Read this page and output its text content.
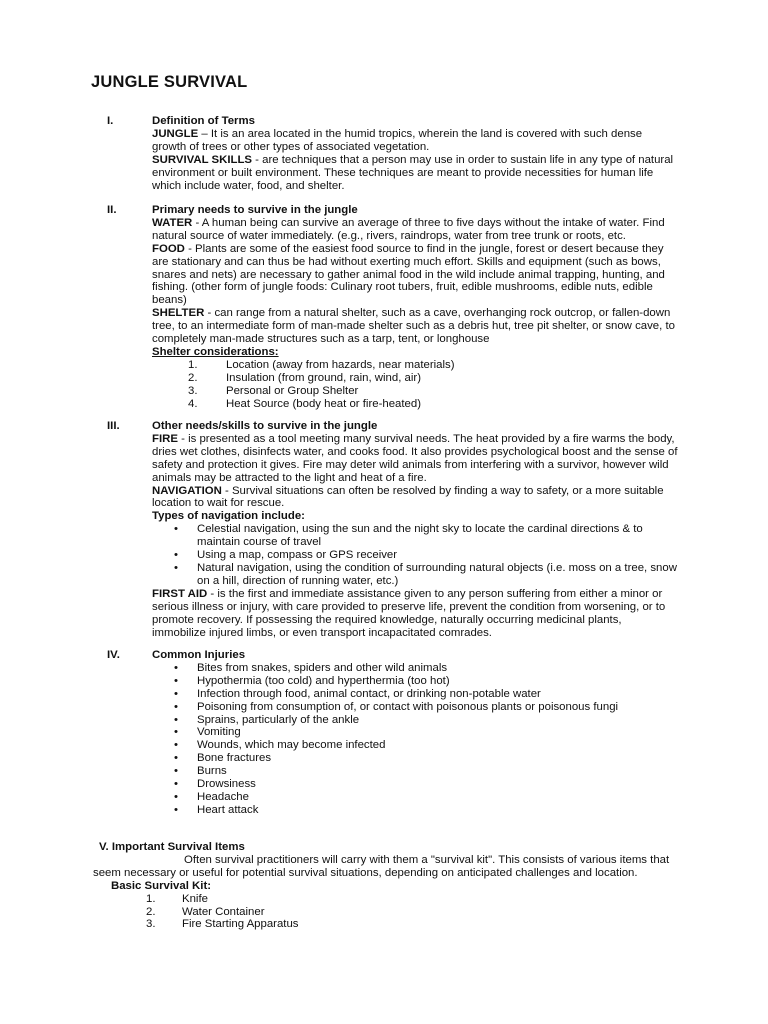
JUNGLE SURVIVAL
I.	Definition of Terms

JUNGLE – It is an area located in the humid tropics, wherein the land is covered with such dense growth of trees or other types of associated vegetation.

SURVIVAL SKILLS - are techniques that a person may use in order to sustain life in any type of natural environment or built environment. These techniques are meant to provide necessities for human life which include water, food, and shelter.

II.	Primary needs to survive in the jungle

WATER - A human being can survive an average of three to five days without the intake of water. Find natural source of water immediately. (e.g., rivers, raindrops, water from tree trunk or roots, etc.

FOOD - Plants are some of the easiest food source to find in the jungle, forest or desert because they are stationary and can thus be had without exerting much effort. Skills and equipment (such as bows, snares and nets) are necessary to gather animal food in the wild include animal trapping, hunting, and fishing. (other form of jungle foods: Culinary root tubers, fruit, edible mushrooms, edible nuts, edible beans)

SHELTER - can range from a natural shelter, such as a cave, overhanging rock outcrop, or fallen-down tree, to an intermediate form of man-made shelter such as a debris hut, tree pit shelter, or snow cave, to completely man-made structures such as a tarp, tent, or longhouse

Shelter considerations:

1.	Location (away from hazards, near materials)
2.	Insulation (from ground, rain, wind, air)
3.	Personal or Group Shelter
4.	Heat Source (body heat or fire-heated)
III.	Other needs/skills to survive in the jungle

FIRE - is presented as a tool meeting many survival needs. The heat provided by a fire warms the body, dries wet clothes, disinfects water, and cooks food. It also provides psychological boost and the sense of safety and protection it gives. Fire may deter wild animals from interfering with a survivor, however wild animals may be attracted to the light and heat of a fire.

NAVIGATION - Survival situations can often be resolved by finding a way to safety, or a more suitable location to wait for rescue.

Types of navigation include:

• Celestial navigation, using the sun and the night sky to locate the cardinal directions & to maintain course of travel
• Using a map, compass or GPS receiver
• Natural navigation, using the condition of surrounding natural objects (i.e. moss on a tree, snow on a hill, direction of running water, etc.)

FIRST AID - is the first and immediate assistance given to any person suffering from either a minor or serious illness or injury, with care provided to preserve life, prevent the condition from worsening, or to promote recovery. If possessing the required knowledge, naturally occurring medicinal plants, immobilize injured limbs, or even transport incapacitated comrades.

IV.	Common Injuries

• Bites from snakes, spiders and other wild animals
• Hypothermia (too cold) and hyperthermia (too hot)
• Infection through food, animal contact, or drinking non-potable water
• Poisoning from consumption of, or contact with poisonous plants or poisonous fungi
• Sprains, particularly of the ankle
• Vomiting
• Wounds, which may become infected
• Bone fractures
• Burns
• Drowsiness
• Headache
• Heart attack

V. Important Survival Items

Often survival practitioners will carry with them a "survival kit". This consists of various items that seem necessary or useful for potential survival situations, depending on anticipated challenges and location.

Basic Survival Kit:

1. Knife
2. Water Container
3. Fire Starting Apparatus
